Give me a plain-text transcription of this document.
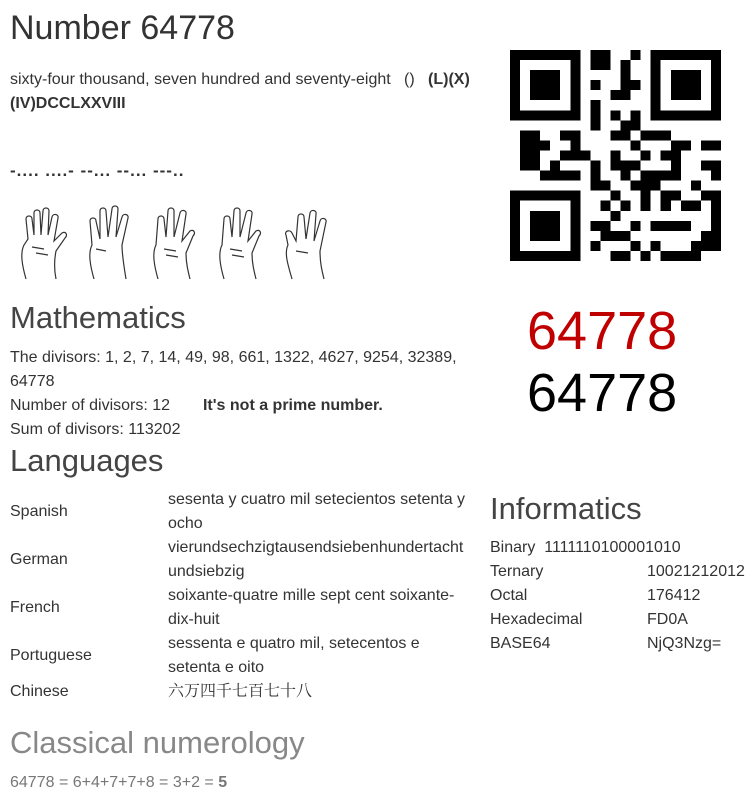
Number 64778
sixty-four thousand, seven hundred and seventy-eight () (L)(X)(IV)DCCLXXVIII
-.... ....- --... --... ---..
64778
64778
Mathematics
The divisors: 1, 2, 7, 14, 49, 98, 661, 1322, 4627, 9254, 32389, 64778
Number of divisors: 12 It's not a prime number.
Sum of divisors: 113202
Languages
Spanish	sesenta y cuatro mil setecientos setenta y ocho
German	vierundsechzigtausendsiebenhundertachtundsiebzig
French	soixante-quatre mille sept cent soixante-dix-huit
Portuguese	sessenta e quatro mil, setecentos e setenta e oito
Chinese	六万四千七百七十八
Informatics
Binary 1111110100001010
Ternary	10021212012
Octal	176412
Hexadecimal	FD0A
BASE64	NjQ3Nzg=
Classical numerology
64778 = 6+4+7+7+8 = 3+2 = 5
